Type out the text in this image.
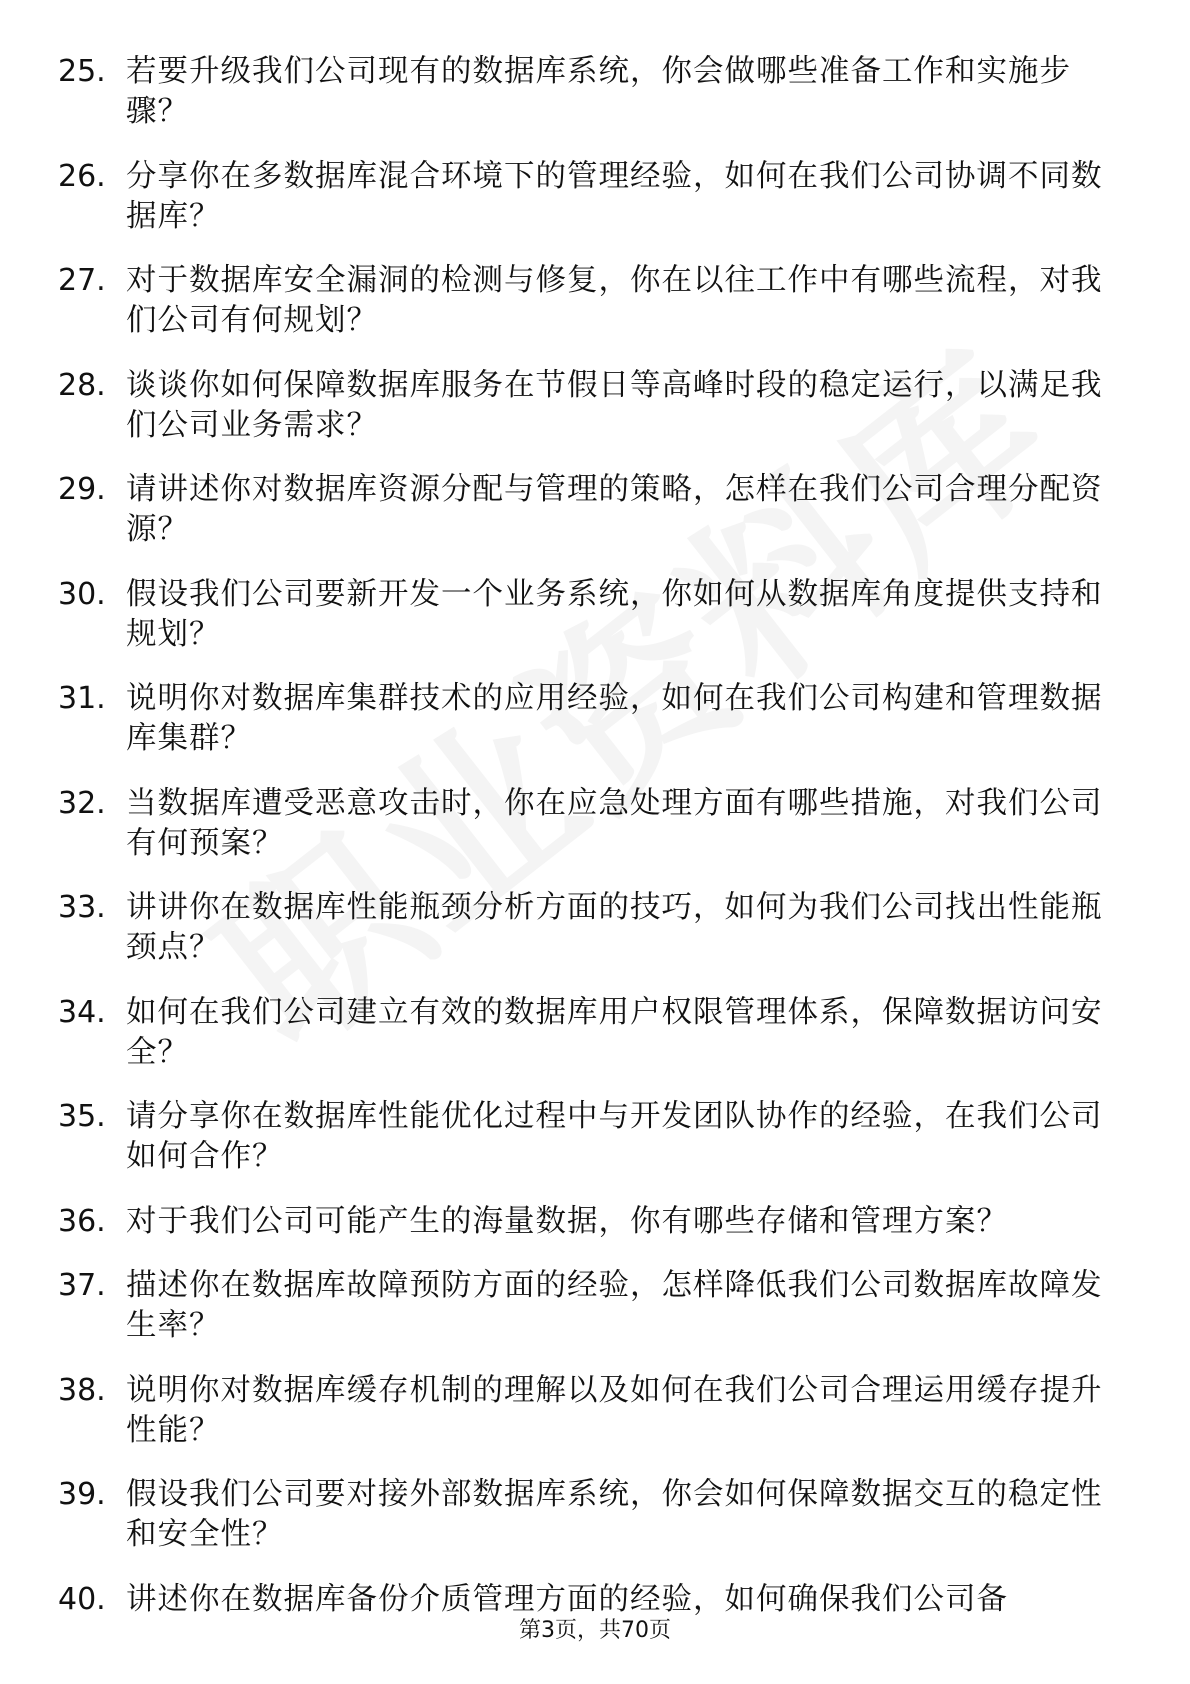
25. 若要升级我们公司现有的数据库系统，你会做哪些准备工作和实施步骤？
26. 分享你在多数据库混合环境下的管理经验，如何在我们公司协调不同数据库？
27. 对于数据库安全漏洞的检测与修复，你在以往工作中有哪些流程，对我们公司有何规划？
28. 谈谈你如何保障数据库服务在节假日等高峰时段的稳定运行，以满足我们公司业务需求？
29. 请讲述你对数据库资源分配与管理的策略，怎样在我们公司合理分配资源？
30. 假设我们公司要新开发一个业务系统，你如何从数据库角度提供支持和规划？
31. 说明你对数据库集群技术的应用经验，如何在我们公司构建和管理数据库集群？
32. 当数据库遭受恶意攻击时，你在应急处理方面有哪些措施，对我们公司有何预案？
33. 讲讲你在数据库性能瓶颈分析方面的技巧，如何为我们公司找出性能瓶颈点？
34. 如何在我们公司建立有效的数据库用户权限管理体系，保障数据访问安全？
35. 请分享你在数据库性能优化过程中与开发团队协作的经验，在我们公司如何合作？
36. 对于我们公司可能产生的海量数据，你有哪些存储和管理方案？
37. 描述你在数据库故障预防方面的经验，怎样降低我们公司数据库故障发生率？
38. 说明你对数据库缓存机制的理解以及如何在我们公司合理运用缓存提升性能？
39. 假设我们公司要对接外部数据库系统，你会如何保障数据交互的稳定性和安全性？
40. 讲述你在数据库备份介质管理方面的经验，如何确保我们公司备
第3页，共70页
